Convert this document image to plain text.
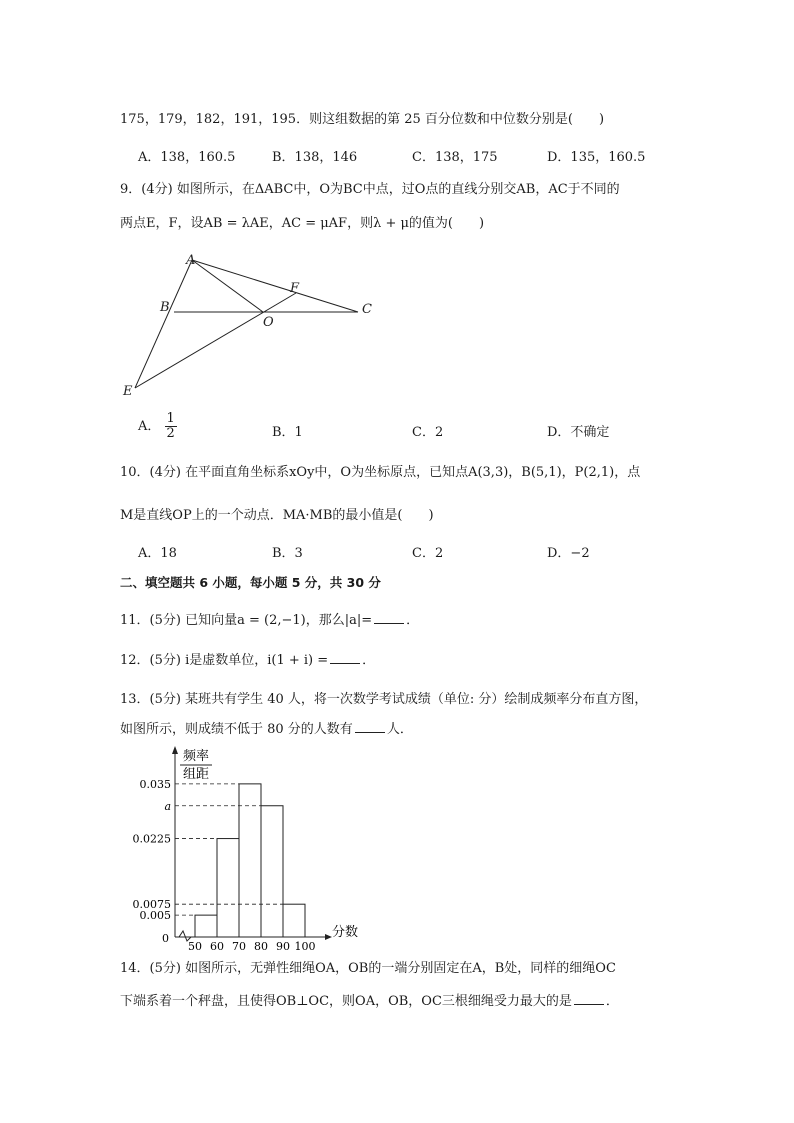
175，179，182，191，195．则这组数据的第 25 百分位数和中位数分别是(　　)
A．138，160.5	B．138，146	C．138，175	D．135，160.5
9．(4分) 如图所示，在ΔABC中，O为BC中点，过O点的直线分别交AB，AC于不同的
两点E，F，设AB = λAE，AC = μAF，则λ + μ的值为(　　)
A
B	C
E
F
O
A． $\frac{1}{2}$	B．1	C．2	D．不确定
10．(4分) 在平面直角坐标系xOy中，O为坐标原点，已知点A(3,3)，B(5,1)，P(2,1)，点
M是直线OP上的一个动点．MA·MB的最小值是(　　)
A．18	B．3	C．2	D．−2
二、填空题共 6 小题，每小题 5 分，共 30 分
11．(5分) 已知向量a = (2,−1)，那么|a|=	．
12．(5分) i是虚数单位，i(1 + i) =	．
13．(5分) 某班共有学生 40 人，将一次数学考试成绩（单位: 分）绘制成频率分布直方图，
如图所示，则成绩不低于 80 分的人数有	人．
频率
组距
分数
0
0.035
a
0.0225
0.0075
0.005
50 60 70 80 90 100
14．(5分) 如图所示，无弹性细绳OA，OB的一端分别固定在A，B处，同样的细绳OC
下端系着一个秤盘，且使得OB⊥OC，则OA，OB，OC三根细绳受力最大的是	．
